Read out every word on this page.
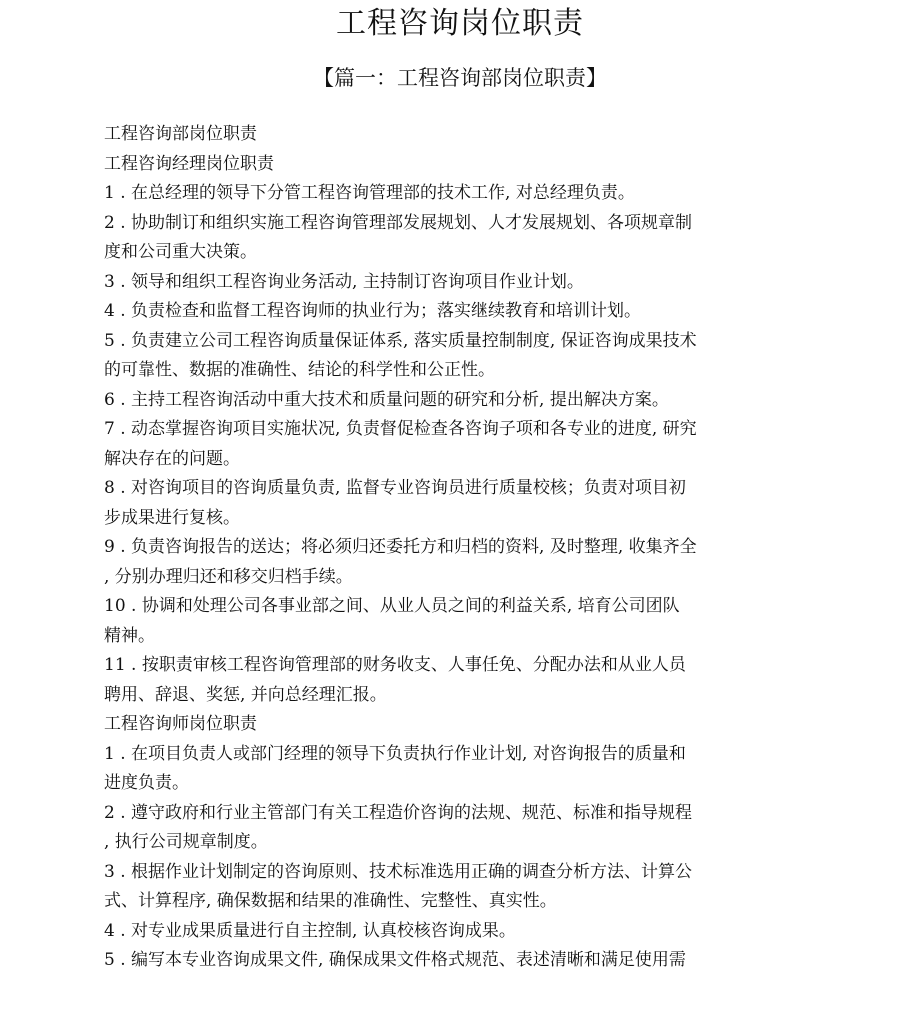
工程咨询岗位职责
【篇一：工程咨询部岗位职责】

工程咨询部岗位职责

工程咨询经理岗位职责

1 . 在总经理的领导下分管工程咨询管理部的技术工作, 对总经理负责。

2 . 协助制订和组织实施工程咨询管理部发展规划、人才发展规划、各项规章制

度和公司重大决策。

3 . 领导和组织工程咨询业务活动, 主持制订咨询项目作业计划。

4 . 负责检查和监督工程咨询师的执业行为；落实继续教育和培训计划。

5 . 负责建立公司工程咨询质量保证体系, 落实质量控制制度, 保证咨询成果技术

的可靠性、数据的准确性、结论的科学性和公正性。

6 . 主持工程咨询活动中重大技术和质量问题的研究和分析, 提出解决方案。

7 . 动态掌握咨询项目实施状况, 负责督促检查各咨询子项和各专业的进度, 研究

解决存在的问题。

8 . 对咨询项目的咨询质量负责, 监督专业咨询员进行质量校核；负责对项目初

步成果进行复核。

9 . 负责咨询报告的送达；将必须归还委托方和归档的资料, 及时整理, 收集齐全

, 分别办理归还和移交归档手续。

10 . 协调和处理公司各事业部之间、从业人员之间的利益关系, 培育公司团队

精神。

11 . 按职责审核工程咨询管理部的财务收支、人事任免、分配办法和从业人员

聘用、辞退、奖惩, 并向总经理汇报。

工程咨询师岗位职责

1 . 在项目负责人或部门经理的领导下负责执行作业计划, 对咨询报告的质量和

进度负责。

2 . 遵守政府和行业主管部门有关工程造价咨询的法规、规范、标准和指导规程

, 执行公司规章制度。

3 . 根据作业计划制定的咨询原则、技术标准选用正确的调查分析方法、计算公

式、计算程序, 确保数据和结果的准确性、完整性、真实性。

4 . 对专业成果质量进行自主控制, 认真校核咨询成果。

5 . 编写本专业咨询成果文件, 确保成果文件格式规范、表述清晰和满足使用需
